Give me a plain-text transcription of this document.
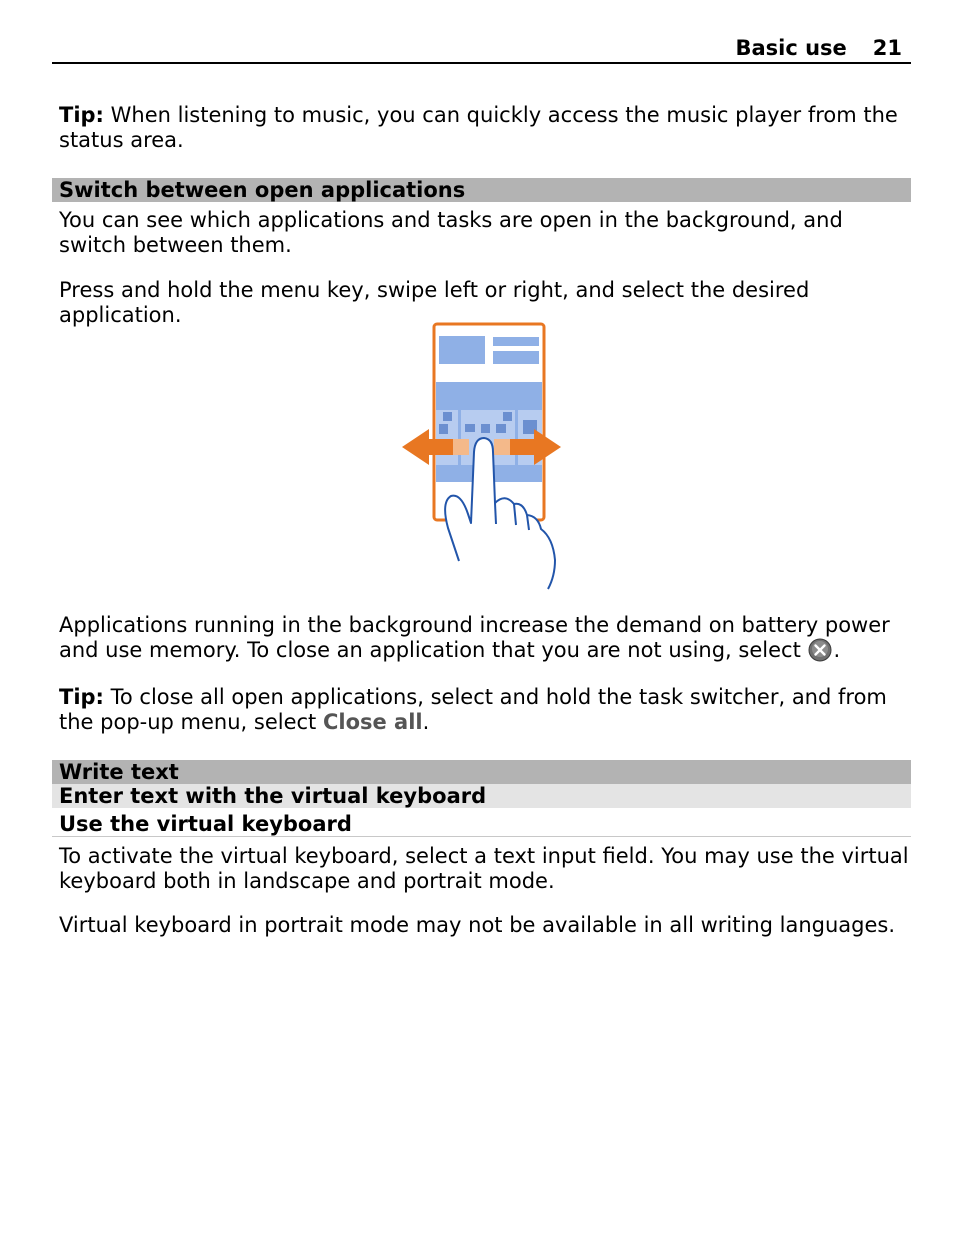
Basic use 21
Tip: When listening to music, you can quickly access the music player from the status area.
Switch between open applications
You can see which applications and tasks are open in the background, and switch between them.
Press and hold the menu key, swipe left or right, and select the desired application.
Applications running in the background increase the demand on battery power and use memory. To close an application that you are not using, select .
Tip: To close all open applications, select and hold the task switcher, and from the pop-up menu, select Close all.
Write text
Enter text with the virtual keyboard
Use the virtual keyboard
To activate the virtual keyboard, select a text input field. You may use the virtual keyboard both in landscape and portrait mode.
Virtual keyboard in portrait mode may not be available in all writing languages.
